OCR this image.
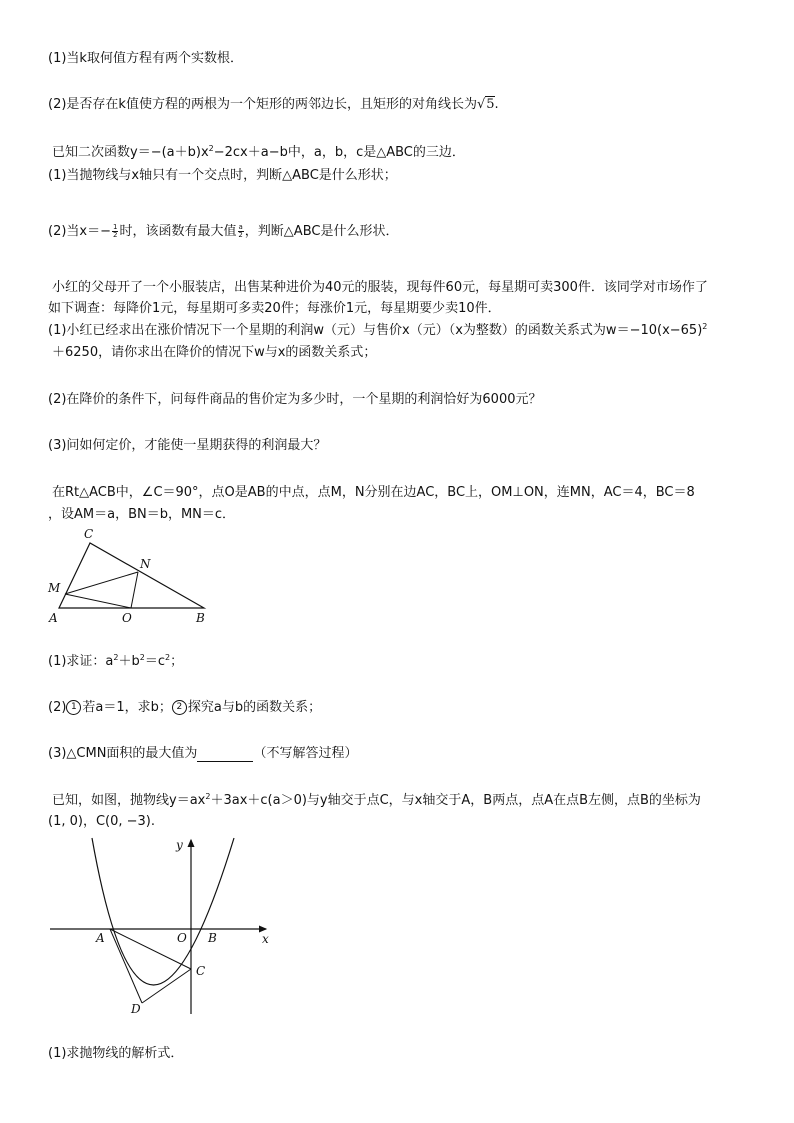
(1)当k取何值方程有两个实数根．
(2)是否存在k值使方程的两根为一个矩形的两邻边长，且矩形的对角线长为√5.
已知二次函数$y=-(a+b)x^2-2cx+a-b$中，a，b，c是△ABC的三边．
(1)当抛物线与x轴只有一个交点时，判断△ABC是什么形状；
(2)当$x=- \frac{1}{2}$ 时，该函数有最大值 $\frac{a}{2}$ ，判断△ABC是什么形状．
小红的父母开了一个小服装店，出售某种进价为40元的服装，现每件60元，每星期可卖300件．该同学对市场作了
如下调查：每降价1元，每星期可多卖20件；每涨价1元，每星期要少卖10件．
(1)小红已经求出在涨价情况下一个星期的利润w（元）与售价x（元）（x为整数）的函数关系式为$w=-10(x-65)^2$
＋6250，请你求出在降价的情况下w与x的函数关系式；
(2)在降价的条件下，问每件商品的售价定为多少时，一个星期的利润恰好为6000元？
(3)问如何定价，才能使一星期获得的利润最大？
在Rt△ACB中，∠C＝90°，点O是AB的中点，点M，N分别在边AC，BC上，OM⊥ON，连MN，AC＝4，BC＝8
，设AM＝a，BN＝b，MN＝c．
C
N
M
A	O	B
(1)求证：$a^2+b^2=c^2$；
(2) 1 若a＝1，求b； 2 探究a与b的函数关系；
(3)△CMN面积的最大值为	（不写解答过程）
已知，如图，抛物线$y=ax^2+3ax+c(a>0)$与y轴交于点C，与x轴交于A，B两点，点A在点B左侧，点B的坐标为
(1, 0)，C(0, −3).
y
x
A	O B
C
D
(1)求抛物线的解析式．
